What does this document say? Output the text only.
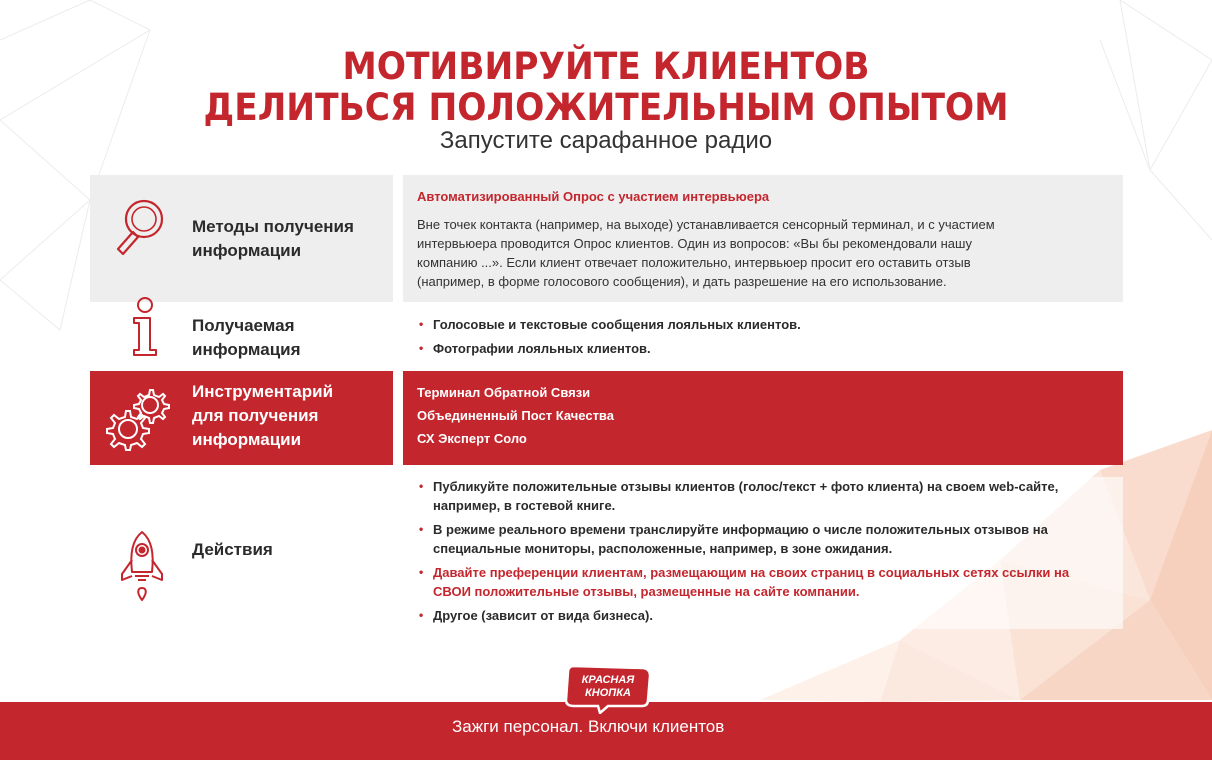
МОТИВИРУЙТЕ КЛИЕНТОВ
ДЕЛИТЬСЯ ПОЛОЖИТЕЛЬНЫМ ОПЫТОМ
Запустите сарафанное радио
Методы получения
информации
Автоматизированный Опрос с участием интервьюера
Вне точек контакта (например, на выходе) устанавливается сенсорный терминал, и с участием
интервьюера проводится Опрос клиентов. Один из вопросов: «Вы бы рекомендовали нашу
компанию ...». Если клиент отвечает положительно, интервьюер просит его оставить отзыв
(например, в форме голосового сообщения), и дать разрешение на его использование.
Получаемая
информация
• Голосовые и текстовые сообщения лояльных клиентов.
• Фотографии лояльных клиентов.
Инструментарий
для получения
информации
Терминал Обратной Связи
Объединенный Пост Качества
СХ Эксперт Соло
Действия
• Публикуйте положительные отзывы клиентов (голос/текст + фото клиента) на своем web-сайте, например, в гостевой книге.
• В режиме реального времени транслируйте информацию о числе положительных отзывов на специальные мониторы, расположенные, например, в зоне ожидания.
• Давайте преференции клиентам, размещающим на своих страниц в социальных сетях ссылки на СВОИ положительные отзывы, размещенные на сайте компании.
• Другое (зависит от вида бизнеса).
КРАСНАЯ
КНОПКА
Зажги персонал. Включи клиентов
